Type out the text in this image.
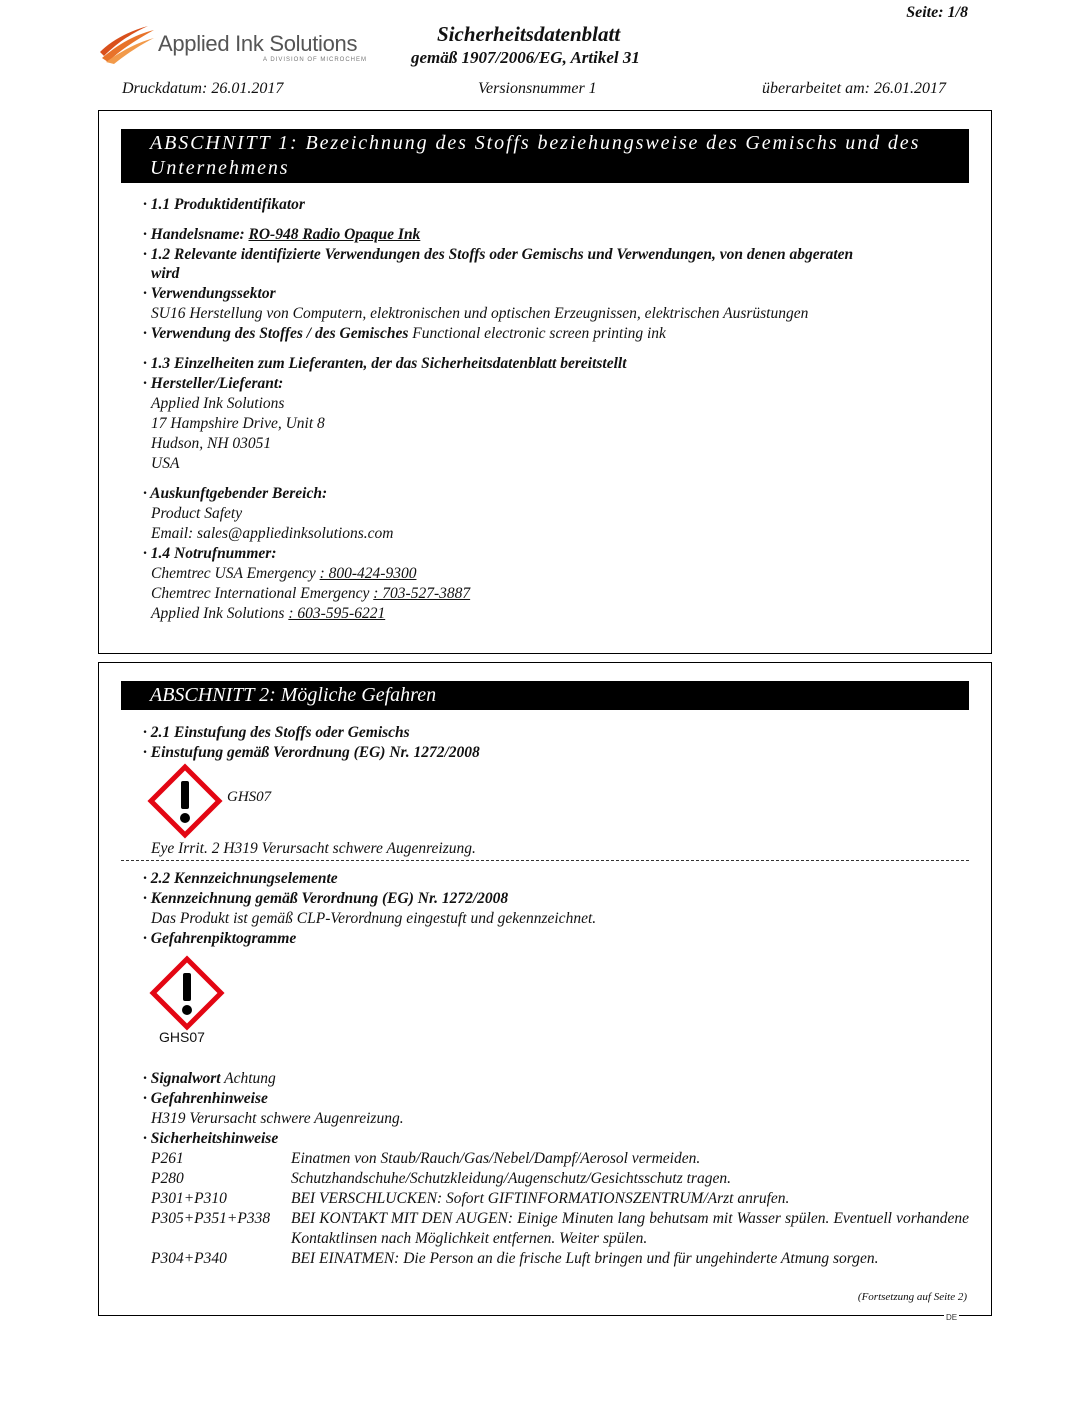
Seite: 1/8
Applied Ink Solutions
A DIVISION OF MICROCHEM
Sicherheitsdatenblatt
gemäß 1907/2006/EG, Artikel 31
Druckdatum: 26.01.2017	Versionsnummer 1	überarbeitet am: 26.01.2017
ABSCHNITT 1: Bezeichnung des Stoffs beziehungsweise des Gemischs und des
Unternehmens
· 1.1 Produktidentifikator
· Handelsname: RO-948 Radio Opaque Ink
· 1.2 Relevante identifizierte Verwendungen des Stoffs oder Gemischs und Verwendungen, von denen abgeraten
wird
· Verwendungssektor
SU16 Herstellung von Computern, elektronischen und optischen Erzeugnissen, elektrischen Ausrüstungen
· Verwendung des Stoffes / des Gemisches Functional electronic screen printing ink
· 1.3 Einzelheiten zum Lieferanten, der das Sicherheitsdatenblatt bereitstellt
· Hersteller/Lieferant:
Applied Ink Solutions
17 Hampshire Drive, Unit 8
Hudson, NH 03051
USA
· Auskunftgebender Bereich:
Product Safety
Email: sales@appliedinksolutions.com
· 1.4 Notrufnummer:
Chemtrec USA Emergency : 800-424-9300
Chemtrec International Emergency : 703-527-3887
Applied Ink Solutions : 603-595-6221
ABSCHNITT 2: Mögliche Gefahren
· 2.1 Einstufung des Stoffs oder Gemischs
· Einstufung gemäß Verordnung (EG) Nr. 1272/2008
GHS07
Eye Irrit. 2 H319 Verursacht schwere Augenreizung.
· 2.2 Kennzeichnungselemente
· Kennzeichnung gemäß Verordnung (EG) Nr. 1272/2008
Das Produkt ist gemäß CLP-Verordnung eingestuft und gekennzeichnet.
· Gefahrenpiktogramme
GHS07
· Signalwort Achtung
· Gefahrenhinweise
H319 Verursacht schwere Augenreizung.
· Sicherheitshinweise
P261	Einatmen von Staub/Rauch/Gas/Nebel/Dampf/Aerosol vermeiden.
P280	Schutzhandschuhe/Schutzkleidung/Augenschutz/Gesichtsschutz tragen.
P301+P310	BEI VERSCHLUCKEN: Sofort GIFTINFORMATIONSZENTRUM/Arzt anrufen.
P305+P351+P338 BEI KONTAKT MIT DEN AUGEN: Einige Minuten lang behutsam mit Wasser spülen. Eventuell vorhandene Kontaktlinsen nach Möglichkeit entfernen. Weiter spülen.
P304+P340	BEI EINATMEN: Die Person an die frische Luft bringen und für ungehinderte Atmung sorgen.
(Fortsetzung auf Seite 2)
DE
